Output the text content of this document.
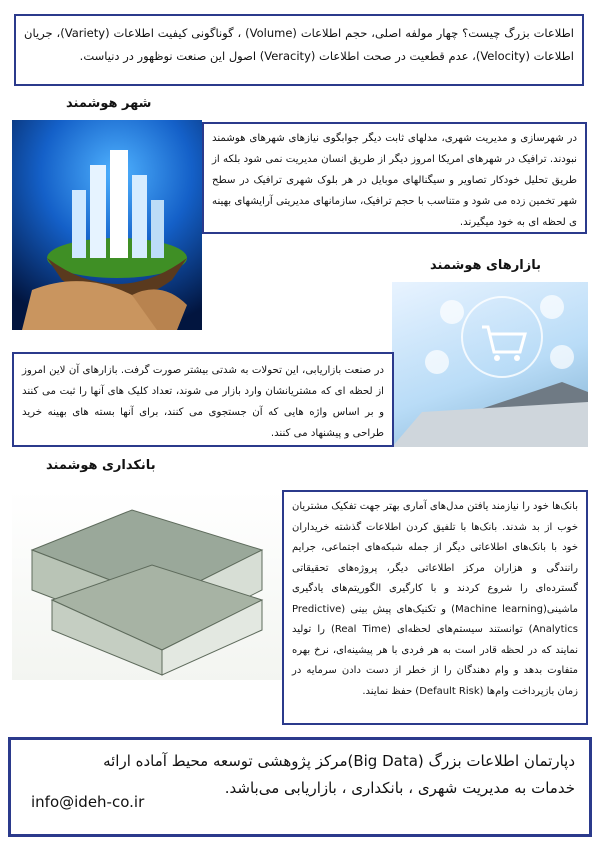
اطلاعات بزرگ چیست؟ چهار مولفه اصلی، حجم اطلاعات (Volume) ، گوناگونی کیفیت اطلاعات (Variety)، جریان اطلاعات (Velocity)، عدم قطعیت در صحت اطلاعات (Veracity) اصول این صنعت نوظهور در دنیاست.
شهر هوشمند
در شهرسازی و مدیریت شهری، مدلهای ثابت دیگر جوابگوی نیازهای شهرهای هوشمند نبودند. ترافیک در شهرهای امریکا امروز دیگر از طریق انسان مدیریت نمی شود بلکه از طریق تحلیل خودکار تصاویر و سیگنالهای موبایل در هر بلوک شهری ترافیک در سطح شهر تخمین زده می شود و متناسب با حجم ترافیک، سازمانهای مدیریتی آرایشهای بهینه ی لحظه ای به خود میگیرند.
بازارهای هوشمند
در صنعت بازاریابی، این تحولات به شدتی بیشتر صورت گرفت. بازارهای آن لاین امروز از لحظه ای که مشتریانشان وارد بازار می شوند، تعداد کلیک های آنها را ثبت می کنند و بر اساس واژه هایی که آن جستجوی می کنند، برای آنها بسته های بهینه خرید طراحی و پیشنهاد می کنند.
بانکداری هوشمند
بانک‌ها خود را نیازمند یافتن مدل‌های آماری بهتر جهت تفکیک مشتریان خوب از بد شدند. بانک‌ها با تلفیق کردن اطلاعات گذشته خریداران خود با بانک‌های اطلاعاتی دیگر از جمله شبکه‌های اجتماعی، جرایم رانندگی و هزاران مرکز اطلاعاتی دیگر، پروژه‌های تحقیقاتی گسترده‌ای را شروع کردند و با کارگیری الگوریتم‌های یادگیری ماشینی(Machine learning) و تکنیک‌های پیش بینی (Predictive Analytics) توانستند سیستم‌های لحظه‌ای (Real Time) را تولید نمایند که در لحظه قادر است به هر فردی با هر پیشینه‌ای، نرخ بهره متفاوت بدهد و وام دهندگان را از خطر از دست دادن سرمایه در زمان بازپرداخت وام‌ها (Default Risk) حفظ نمایند.
دپارتمان اطلاعات بزرگ (Big Data)مرکز پژوهشی توسعه محیط آماده ارائه
خدمات به مدیریت شهری ، بانکداری ، بازاریابی می‌باشد.
info@ideh-co.ir
